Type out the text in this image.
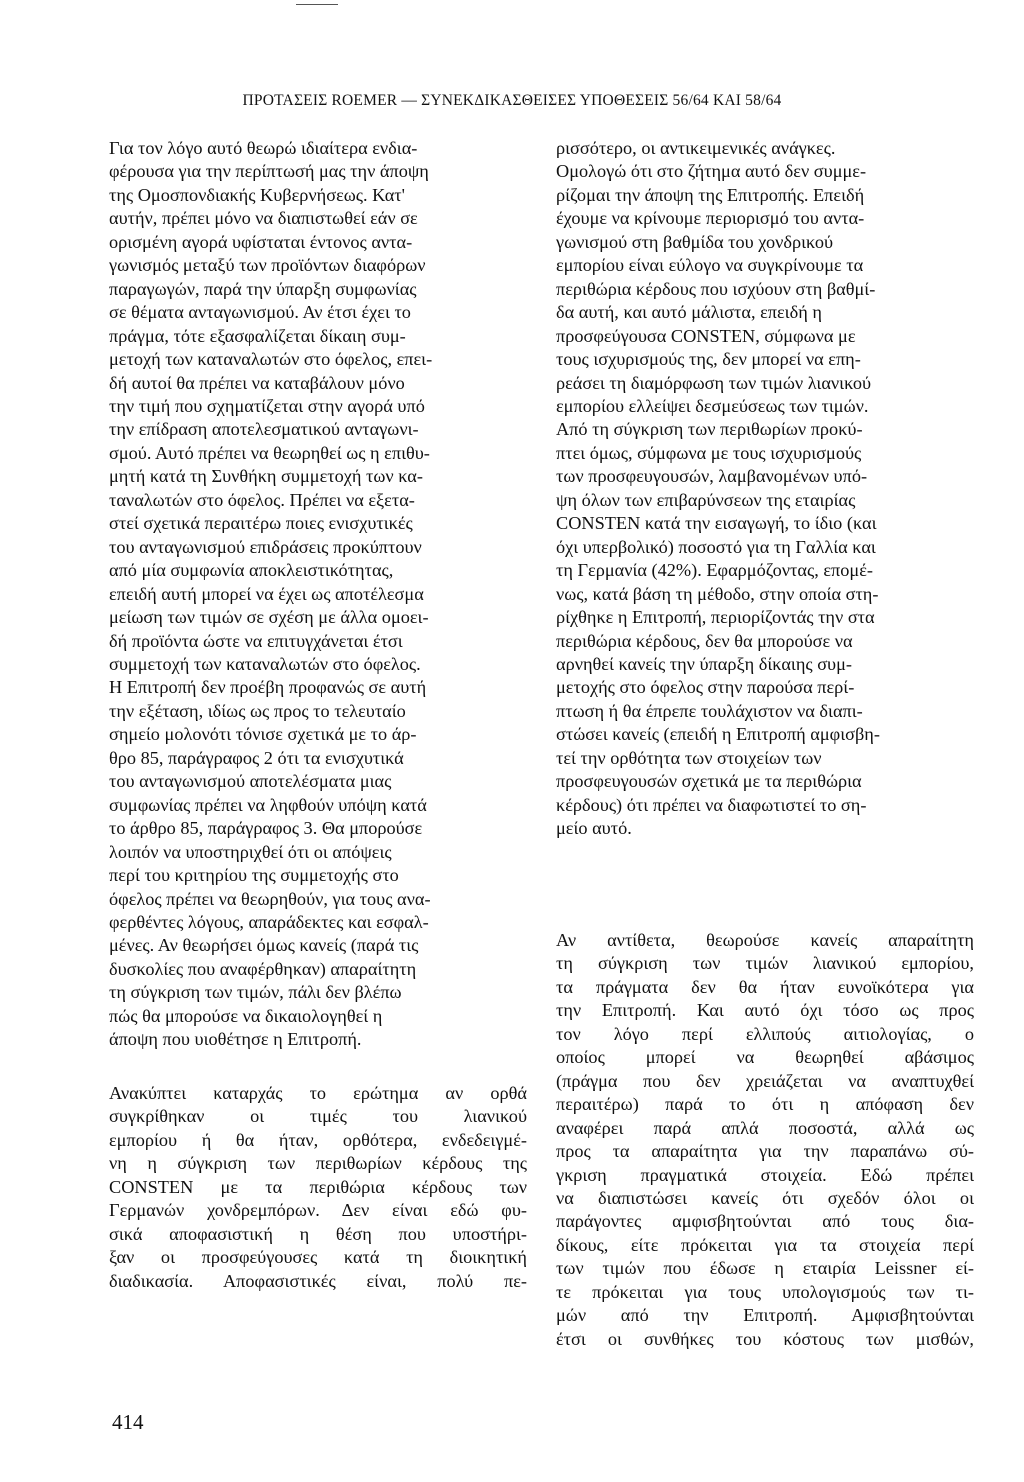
ΠΡΟΤΑΣΕΙΣ ROEMER — ΣΥΝΕΚΔΙΚΑΣΘΕΙΣΕΣ ΥΠΟΘΕΣΕΙΣ 56/64 ΚΑΙ 58/64

Για τον λόγο αυτό θεωρώ ιδιαίτερα ενδια-
φέρουσα για την περίπτωσή μας την άποψη
της Ομοσπονδιακής Κυβερνήσεως. Κατ'
αυτήν, πρέπει μόνο να διαπιστωθεί εάν σε
ορισμένη αγορά υφίσταται έντονος αντα-
γωνισμός μεταξύ των προϊόντων διαφόρων
παραγωγών, παρά την ύπαρξη συμφωνίας
σε θέματα ανταγωνισμού. Αν έτσι έχει το
πράγμα, τότε εξασφαλίζεται δίκαιη συμ-
μετοχή των καταναλωτών στο όφελος, επει-
δή αυτοί θα πρέπει να καταβάλουν μόνο
την τιμή που σχηματίζεται στην αγορά υπό
την επίδραση αποτελεσματικού ανταγωνι-
σμού. Αυτό πρέπει να θεωρηθεί ως η επιθυ-
μητή κατά τη Συνθήκη συμμετοχή των κα-
ταναλωτών στο όφελος. Πρέπει να εξετα-
στεί σχετικά περαιτέρω ποιες ενισχυτικές
του ανταγωνισμού επιδράσεις προκύπτουν
από μία συμφωνία αποκλειστικότητας,
επειδή αυτή μπορεί να έχει ως αποτέλεσμα
μείωση των τιμών σε σχέση με άλλα ομοει-
δή προϊόντα ώστε να επιτυγχάνεται έτσι
συμμετοχή των καταναλωτών στο όφελος.
Η Επιτροπή δεν προέβη προφανώς σε αυτή
την εξέταση, ιδίως ως προς το τελευταίο
σημείο μολονότι τόνισε σχετικά με το άρ-
θρο 85, παράγραφος 2 ότι τα ενισχυτικά
του ανταγωνισμού αποτελέσματα μιας
συμφωνίας πρέπει να ληφθούν υπόψη κατά
το άρθρο 85, παράγραφος 3. Θα μπορούσε
λοιπόν να υποστηριχθεί ότι οι απόψεις
περί του κριτηρίου της συμμετοχής στο
όφελος πρέπει να θεωρηθούν, για τους ανα-
φερθέντες λόγους, απαράδεκτες και εσφαλ-
μένες. Αν θεωρήσει όμως κανείς (παρά τις
δυσκολίες που αναφέρθηκαν) απαραίτητη
τη σύγκριση των τιμών, πάλι δεν βλέπω
πώς θα μπορούσε να δικαιολογηθεί η
άποψη που υιοθέτησε η Επιτροπή.

Ανακύπτει καταρχάς το ερώτημα αν ορθά
συγκρίθηκαν οι τιμές του λιανικού
εμπορίου ή θα ήταν, ορθότερα, ενδεδειγμέ-
νη η σύγκριση των περιθωρίων κέρδους της
CONSTEN με τα περιθώρια κέρδους των
Γερμανών χονδρεμπόρων. Δεν είναι εδώ φυ-
σικά αποφασιστική η θέση που υποστήρι-
ξαν οι προσφεύγουσες κατά τη διοικητική
διαδικασία. Αποφασιστικές είναι, πολύ πε-

ρισσότερο, οι αντικειμενικές ανάγκες.
Ομολογώ ότι στο ζήτημα αυτό δεν συμμε-
ρίζομαι την άποψη της Επιτροπής. Επειδή
έχουμε να κρίνουμε περιορισμό του αντα-
γωνισμού στη βαθμίδα του χονδρικού
εμπορίου είναι εύλογο να συγκρίνουμε τα
περιθώρια κέρδους που ισχύουν στη βαθμί-
δα αυτή, και αυτό μάλιστα, επειδή η
προσφεύγουσα CONSTEN, σύμφωνα με
τους ισχυρισμούς της, δεν μπορεί να επη-
ρεάσει τη διαμόρφωση των τιμών λιανικού
εμπορίου ελλείψει δεσμεύσεως των τιμών.
Από τη σύγκριση των περιθωρίων προκύ-
πτει όμως, σύμφωνα με τους ισχυρισμούς
των προσφευγουσών, λαμβανομένων υπό-
ψη όλων των επιβαρύνσεων της εταιρίας
CONSTEN κατά την εισαγωγή, το ίδιο (και
όχι υπερβολικό) ποσοστό για τη Γαλλία και
τη Γερμανία (42%). Εφαρμόζοντας, επομέ-
νως, κατά βάση τη μέθοδο, στην οποία στη-
ρίχθηκε η Επιτροπή, περιορίζοντάς την στα
περιθώρια κέρδους, δεν θα μπορούσε να
αρνηθεί κανείς την ύπαρξη δίκαιης συμ-
μετοχής στο όφελος στην παρούσα περί-
πτωση ή θα έπρεπε τουλάχιστον να διαπι-
στώσει κανείς (επειδή η Επιτροπή αμφισβη-
τεί την ορθότητα των στοιχείων των
προσφευγουσών σχετικά με τα περιθώρια
κέρδους) ότι πρέπει να διαφωτιστεί το ση-
μείο αυτό.

Αν αντίθετα, θεωρούσε κανείς απαραίτητη
τη σύγκριση των τιμών λιανικού εμπορίου,
τα πράγματα δεν θα ήταν ευνοϊκότερα για
την Επιτροπή. Και αυτό όχι τόσο ως προς
τον λόγο περί ελλιπούς αιτιολογίας, ο
οποίος μπορεί να θεωρηθεί αβάσιμος
(πράγμα που δεν χρειάζεται να αναπτυχθεί
περαιτέρω) παρά το ότι η απόφαση δεν
αναφέρει παρά απλά ποσοστά, αλλά ως
προς τα απαραίτητα για την παραπάνω σύ-
γκριση πραγματικά στοιχεία. Εδώ πρέπει
να διαπιστώσει κανείς ότι σχεδόν όλοι οι
παράγοντες αμφισβητούνται από τους δια-
δίκους, είτε πρόκειται για τα στοιχεία περί
των τιμών που έδωσε η εταιρία Leissner εί-
τε πρόκειται για τους υπολογισμούς των τι-
μών από την Επιτροπή. Αμφισβητούνται
έτσι οι συνθήκες του κόστους των μισθών,

414
